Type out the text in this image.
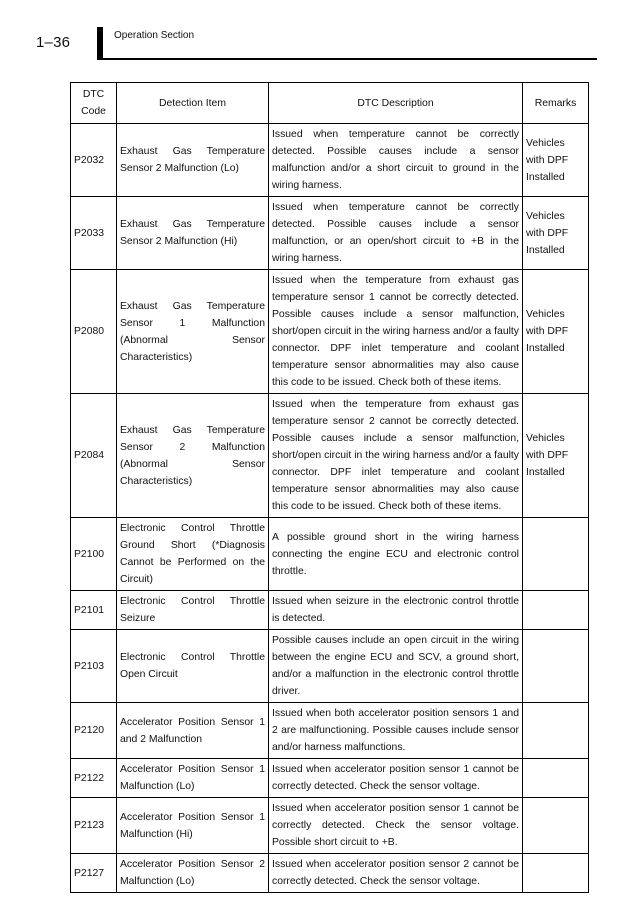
1–36	Operation Section
DTC
Code	Detection Item	DTC Description	Remarks
P2032	Exhaust Gas Temperature Sensor 2 Malfunction (Lo)	Issued when temperature cannot be correctly detected. Possible causes include a sensor malfunction and/or a short circuit to ground in the wiring harness.	Vehicles with DPF Installed
P2033	Exhaust Gas Temperature Sensor 2 Malfunction (Hi)	Issued when temperature cannot be correctly detected. Possible causes include a sensor malfunction, or an open/short circuit to +B in the wiring harness.	Vehicles with DPF Installed
P2080	Exhaust Gas Temperature Sensor 1 Malfunction (Abnormal Sensor Characteristics)	Issued when the temperature from exhaust gas temperature sensor 1 cannot be correctly detected. Possible causes include a sensor malfunction, short/open circuit in the wiring harness and/or a faulty connector. DPF inlet temperature and coolant temperature sensor abnormalities may also cause this code to be issued. Check both of these items.	Vehicles with DPF Installed
P2084	Exhaust Gas Temperature Sensor 2 Malfunction (Abnormal Sensor Characteristics)	Issued when the temperature from exhaust gas temperature sensor 2 cannot be correctly detected. Possible causes include a sensor malfunction, short/open circuit in the wiring harness and/or a faulty connector. DPF inlet temperature and coolant temperature sensor abnormalities may also cause this code to be issued. Check both of these items.	Vehicles with DPF Installed
P2100	Electronic Control Throttle Ground Short (*Diagnosis Cannot be Performed on the Circuit)	A possible ground short in the wiring harness connecting the engine ECU and electronic control throttle.	
P2101	Electronic Control Throttle Seizure	Issued when seizure in the electronic control throttle is detected.	
P2103	Electronic Control Throttle Open Circuit	Possible causes include an open circuit in the wiring between the engine ECU and SCV, a ground short, and/or a malfunction in the electronic control throttle driver.	
P2120	Accelerator Position Sensor 1 and 2 Malfunction	Issued when both accelerator position sensors 1 and 2 are malfunctioning. Possible causes include sensor and/or harness malfunctions.	
P2122	Accelerator Position Sensor 1 Malfunction (Lo)	Issued when accelerator position sensor 1 cannot be correctly detected. Check the sensor voltage.	
P2123	Accelerator Position Sensor 1 Malfunction (Hi)	Issued when accelerator position sensor 1 cannot be correctly detected. Check the sensor voltage. Possible short circuit to +B.	
P2127	Accelerator Position Sensor 2 Malfunction (Lo)	Issued when accelerator position sensor 2 cannot be correctly detected. Check the sensor voltage.	
